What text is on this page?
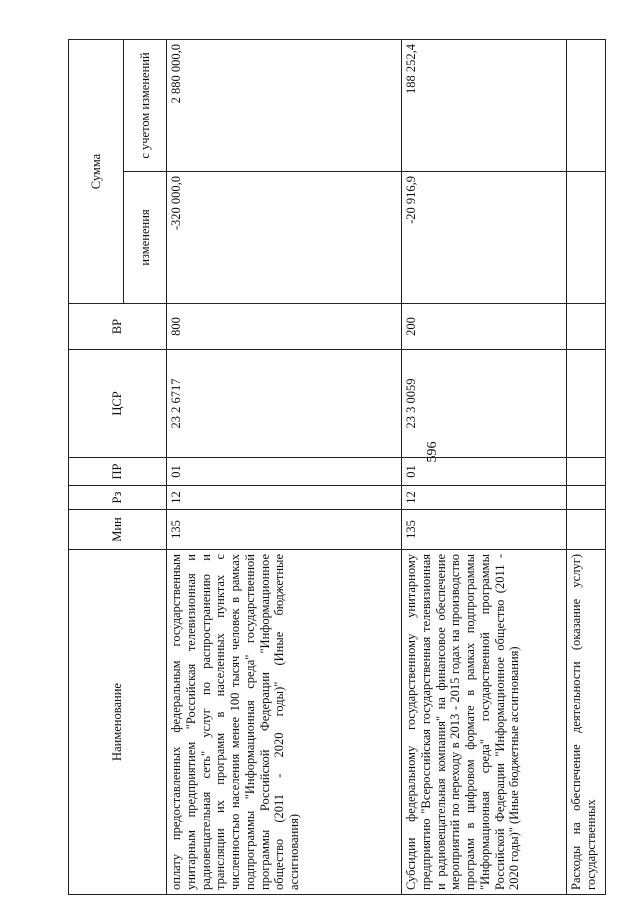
596
Наименование	Мин	Рз	ПР	ЦСР	ВР	Сумма	
						изменения	с учетом изменений
оплату предоставленных федеральным государственным унитарным предприятием "Российская телевизионная и радиовещательная сеть" услуг по распространению и трансляции их программ в населенных пунктах с численностью населения менее 100 тысяч человек в рамках подпрограммы "Информационная среда" государственной программы Российской Федерации "Информационное общество (2011 - 2020 годы)" (Иные бюджетные ассигнования)	135	12	01	23 2 6717	800	-320 000,0	2 880 000,0
Субсидии федеральному государственному унитарному предприятию "Всероссийская государственная телевизионная и радиовещательная компания" на финансовое обеспечение мероприятий по переходу в 2013 - 2015 годах на производство программ в цифровом формате в рамках подпрограммы "Информационная среда" государственной программы Российской Федерации "Информационное общество (2011 - 2020 годы)" (Иные бюджетные ассигнования)	135	12	01	23 3 0059	200	-20 916,9	188 252,4
Расходы на обеспечение деятельности (оказание услуг) государственных							
